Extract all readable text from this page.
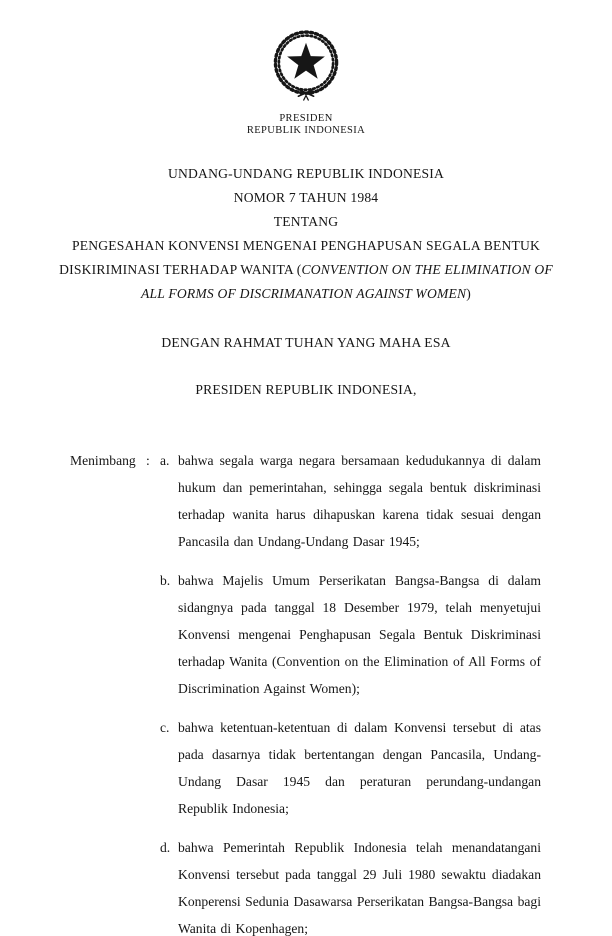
PRESIDEN
REPUBLIK INDONESIA
UNDANG-UNDANG REPUBLIK INDONESIA
NOMOR 7 TAHUN 1984
TENTANG
PENGESAHAN KONVENSI MENGENAI PENGHAPUSAN SEGALA BENTUK
DISKIRIMINASI TERHADAP WANITA (CONVENTION ON THE ELIMINATION OF
ALL FORMS OF DISCRIMANATION AGAINST WOMEN)
DENGAN RAHMAT TUHAN YANG MAHA ESA
PRESIDEN REPUBLIK INDONESIA,
Menimbang : a. bahwa segala warga negara bersamaan kedudukannya di dalam hukum dan pemerintahan, sehingga segala bentuk diskriminasi terhadap wanita harus dihapuskan karena tidak sesuai dengan Pancasila dan Undang-Undang Dasar 1945;
b. bahwa Majelis Umum Perserikatan Bangsa-Bangsa di dalam sidangnya pada tanggal 18 Desember 1979, telah menyetujui Konvensi mengenai Penghapusan Segala Bentuk Diskriminasi terhadap Wanita (Convention on the Elimination of All Forms of Discrimination Against Women);
c. bahwa ketentuan-ketentuan di dalam Konvensi tersebut di atas pada dasarnya tidak bertentangan dengan Pancasila, Undang-Undang Dasar 1945 dan peraturan perundang-undangan Republik Indonesia;
d. bahwa Pemerintah Republik Indonesia telah menandatangani Konvensi tersebut pada tanggal 29 Juli 1980 sewaktu diadakan Konperensi Sedunia Dasawarsa Perserikatan Bangsa-Bangsa bagi Wanita di Kopenhagen;
